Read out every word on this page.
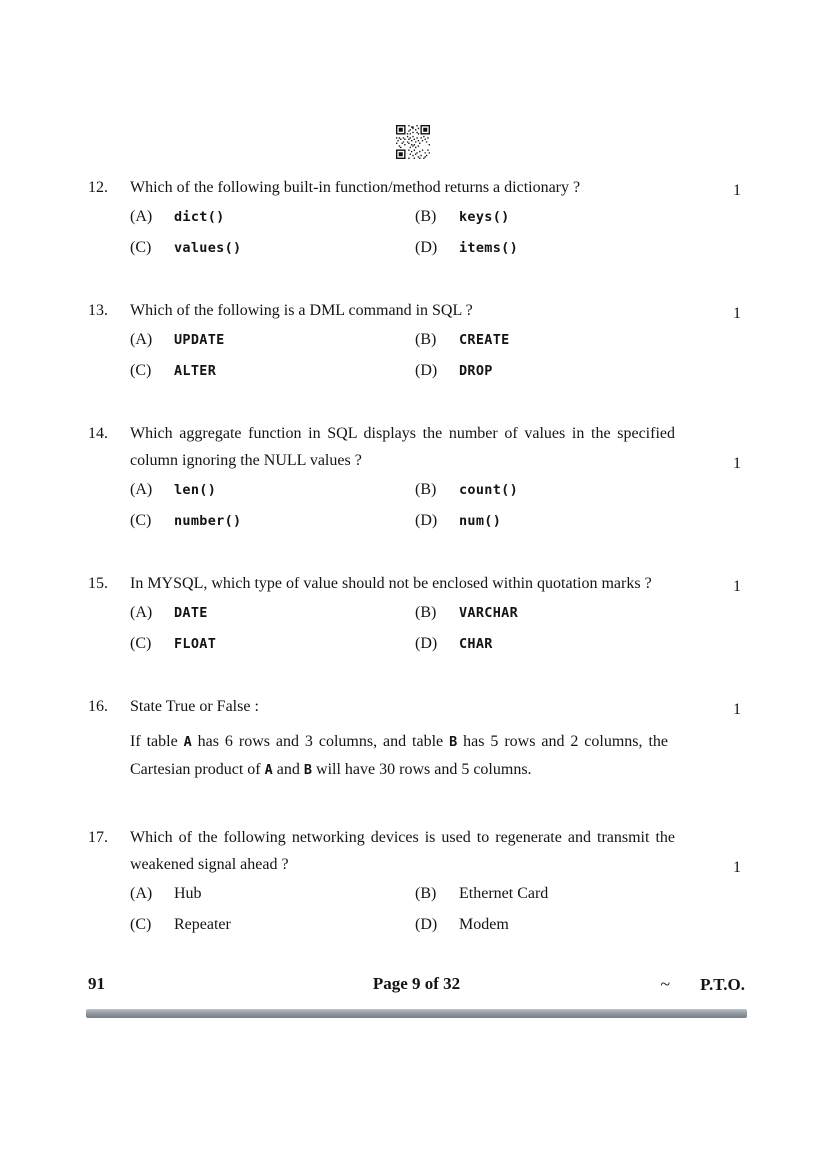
12.	Which of the following built-in function/method returns a dictionary ?	1
(A)	dict()	(B)	keys()
(C)	values()	(D)	items()
13.	Which of the following is a DML command in SQL ?	1
(A)	UPDATE	(B)	CREATE
(C)	ALTER	(D)	DROP
14.	Which aggregate function in SQL displays the number of values in the specified column ignoring the NULL values ?	1
(A)	len()	(B)	count()
(C)	number()	(D)	num()
15.	In MYSQL, which type of value should not be enclosed within quotation marks ?	1
(A)	DATE	(B)	VARCHAR
(C)	FLOAT	(D)	CHAR
16.	State True or False :	1

If table A has 6 rows and 3 columns, and table B has 5 rows and 2 columns, the Cartesian product of A and B will have 30 rows and 5 columns.

17.	Which of the following networking devices is used to regenerate and transmit the weakened signal ahead ?	1
(A)	Hub	(B)	Ethernet Card
(C)	Repeater	(D)	Modem
91	Page 9 of 32	~ P.T.O.
